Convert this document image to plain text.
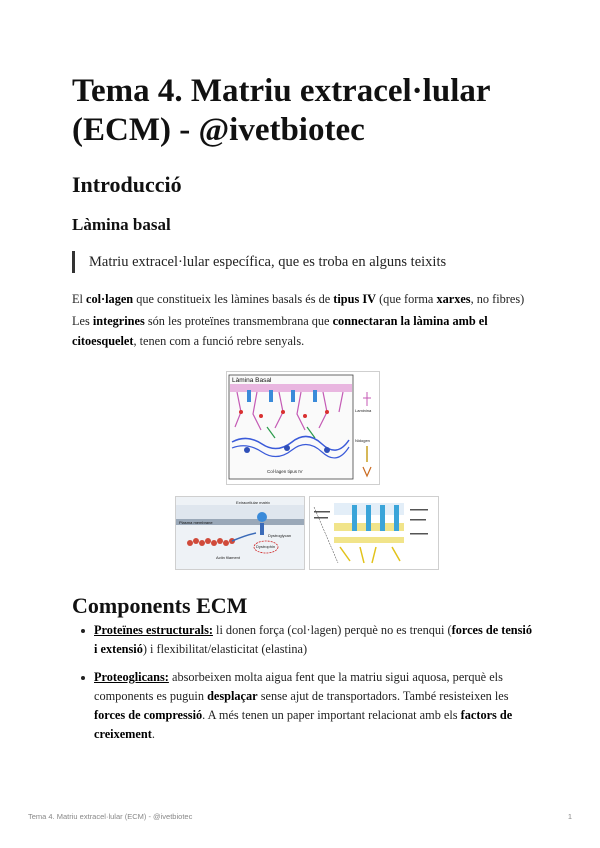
Tema 4. Matriu extracel·lular (ECM) - @ivetbiotec
Introducció
Làmina basal
Matriu extracel·lular específica, que es troba en alguns teixits

El col·lagen que constitueix les làmines basals és de tipus IV (que forma xarxes, no fibres)

Les integrines són les proteïnes transmembrana que connectaran la làmina amb el citoesquelet, tenen com a funció rebre senyals.

Làmina Basal
Col·lagen tipus IV
Nidogen
Laminina
Extracellular matrix
Plasma membrane
Dystroglycan
Dystrophin
Actin filament
Components ECM
Proteïnes estructurals: li donen força (col·lagen) perquè no es trenqui (forces de tensió i extensió) i flexibilitat/elasticitat (elastina)
Proteoglicans: absorbeixen molta aigua fent que la matriu sigui aquosa, perquè els components es puguin desplaçar sense ajut de transportadors. També resisteixen les forces de compressió. A més tenen un paper important relacionat amb els factors de creixement.
Tema 4. Matriu extracel·lular (ECM) - @ivetbiotec	1
